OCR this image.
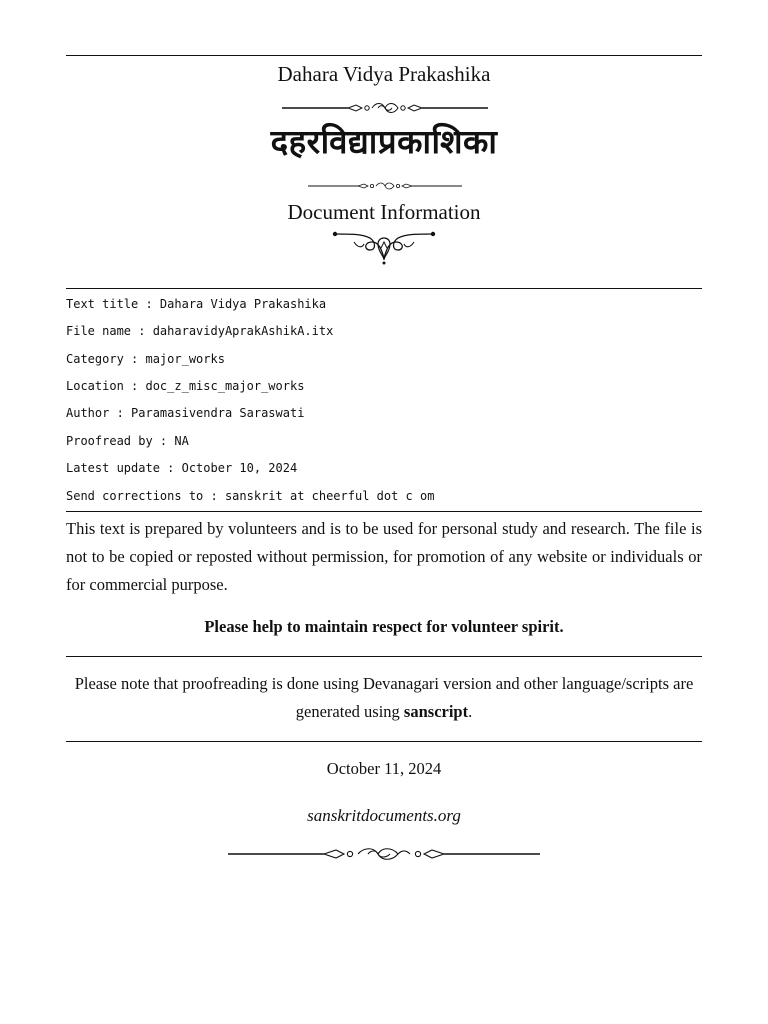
Dahara Vidya Prakashika
दहरविद्याप्रकाशिका
Document Information
Text title : Dahara Vidya Prakashika
File name : daharavidyAprakAshikA.itx
Category : major_works
Location : doc_z_misc_major_works
Author : Paramasivendra Saraswati
Proofread by : NA
Latest update : October 10, 2024
Send corrections to : sanskrit at cheerful dot c om
This text is prepared by volunteers and is to be used for personal study and research. The file is not to be copied or reposted without permission, for promotion of any website or individuals or for commercial purpose.
Please help to maintain respect for volunteer spirit.
Please note that proofreading is done using Devanagari version and other language/scripts are generated using sanscript.
October 11, 2024
sanskritdocuments.org
